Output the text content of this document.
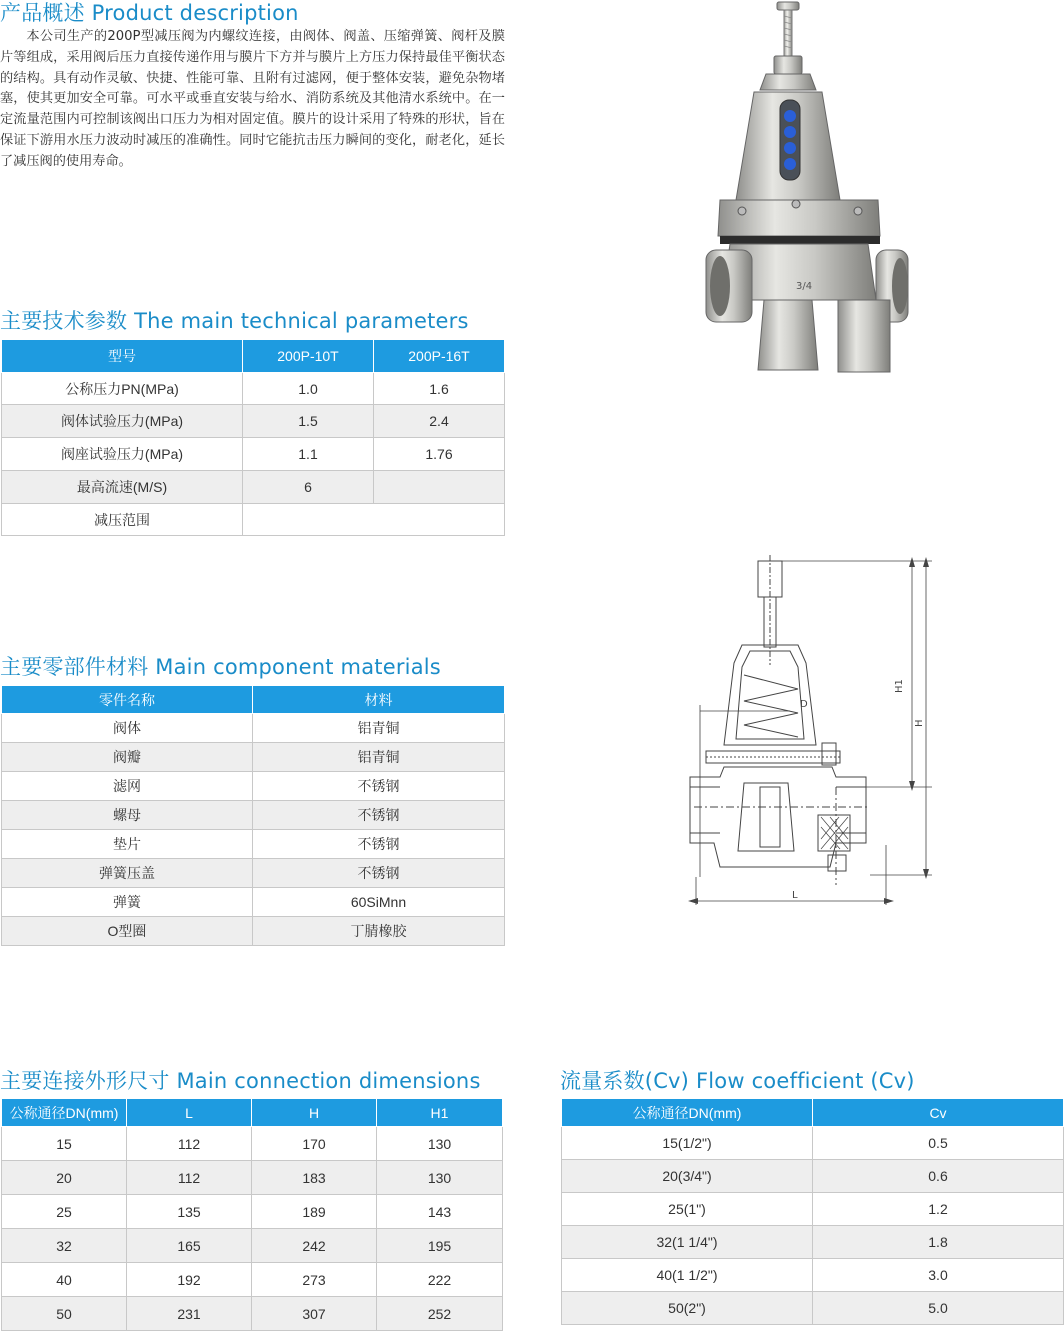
产品概述 Product description

本公司生产的200P型减压阀为内螺纹连接，由阀体、阀盖、压缩弹簧、阀杆及膜片等组成，采用阀后压力直接传递作用与膜片下方并与膜片上方压力保持最佳平衡状态的结构。具有动作灵敏、快捷、性能可靠、且附有过滤网，便于整体安装，避免杂物堵塞，使其更加安全可靠。可水平或垂直安装与给水、消防系统及其他清水系统中。在一定流量范围内可控制该阀出口压力为相对固定值。膜片的设计采用了特殊的形状，旨在保证下游用水压力波动时减压的准确性。同时它能抗击压力瞬间的变化，耐老化，延长了减压阀的使用寿命。

主要技术参数 The main technical parameters
型号	200P-10T	200P-16T
公称压力PN(MPa)	1.0	1.6
阀体试验压力(MPa)	1.5	2.4
阀座试验压力(MPa)	1.1	1.76
最高流速(M/S)	6	
减压范围		
主要零部件材料 Main component materials
零件名称	材料
阀体	铝青铜
阀瓣	铝青铜
滤网	不锈钢
螺母	不锈钢
垫片	不锈钢
弹簧压盖	不锈钢
弹簧	60SiMnn
O型圈	丁腈橡胶
主要连接外形尺寸 Main connection dimensions
公称通径DN(mm)	L	H	H1
15	112	170	130
20	112	183	130
25	135	189	143
32	165	242	195
40	192	273	222
50	231	307	252
流量系数(Cv) Flow coefficient (Cv)
公称通径DN(mm)	Cv
15(1/2")	0.5
20(3/4")	0.6
25(1")	1.2
32(1 1/4")	1.8
40(1 1/2")	3.0
50(2")	5.0
3/4
D
H1
H
L
